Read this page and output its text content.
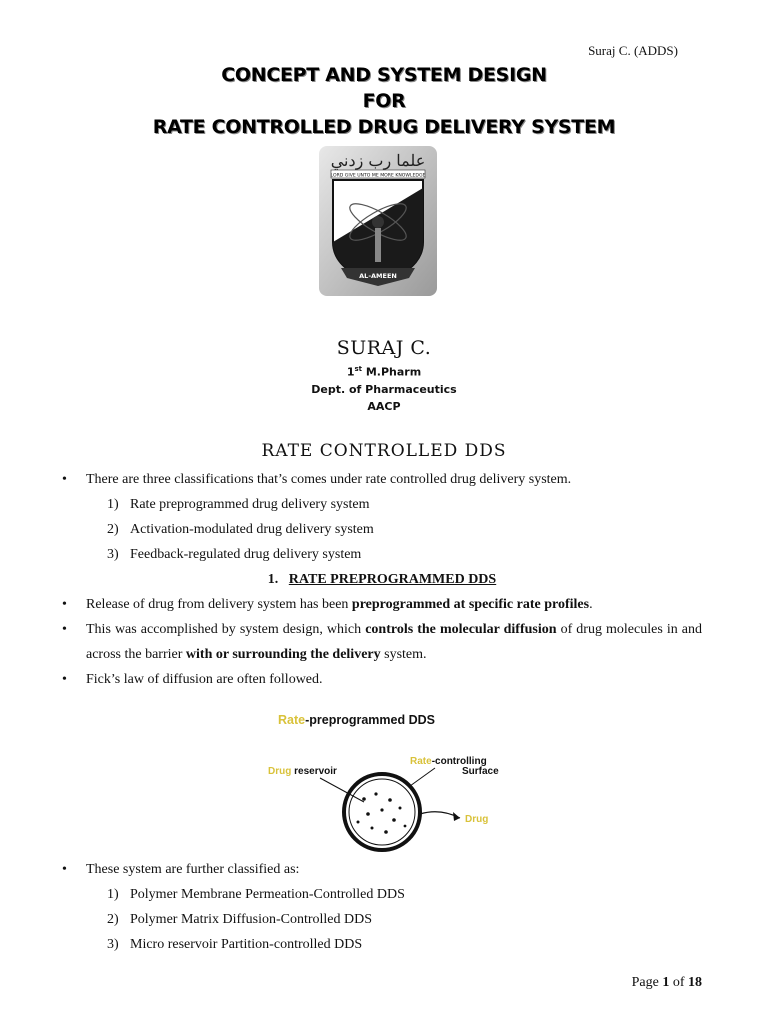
Suraj C. (ADDS)
CONCEPT AND SYSTEM DESIGN
FOR
RATE CONTROLLED DRUG DELIVERY SYSTEM
ﻋﻠﻤﺎ رب زدني
LORD GIVE UNTO ME MORE KNOWLEDGE
AL-AMEEN
SURAJ C.
1st M.Pharm
Dept. of Pharmaceutics
AACP
RATE CONTROLLED DDS
• There are three classifications that’s comes under rate controlled drug delivery system.
1) Rate preprogrammed drug delivery system
2) Activation-modulated drug delivery system
3) Feedback-regulated drug delivery system
1. RATE PREPROGRAMMED DDS
• Release of drug from delivery system has been preprogrammed at specific rate profiles.
• This was accomplished by system design, which controls the molecular diffusion of drug molecules in and across the barrier with or surrounding the delivery system.
• Fick’s law of diffusion are often followed.
Rate-preprogrammed DDS
Drug reservoir
Rate-controlling
Surface
Drug
• These system are further classified as:
1) Polymer Membrane Permeation-Controlled DDS
2) Polymer Matrix Diffusion-Controlled DDS
3) Micro reservoir Partition-controlled DDS
Page 1 of 18
